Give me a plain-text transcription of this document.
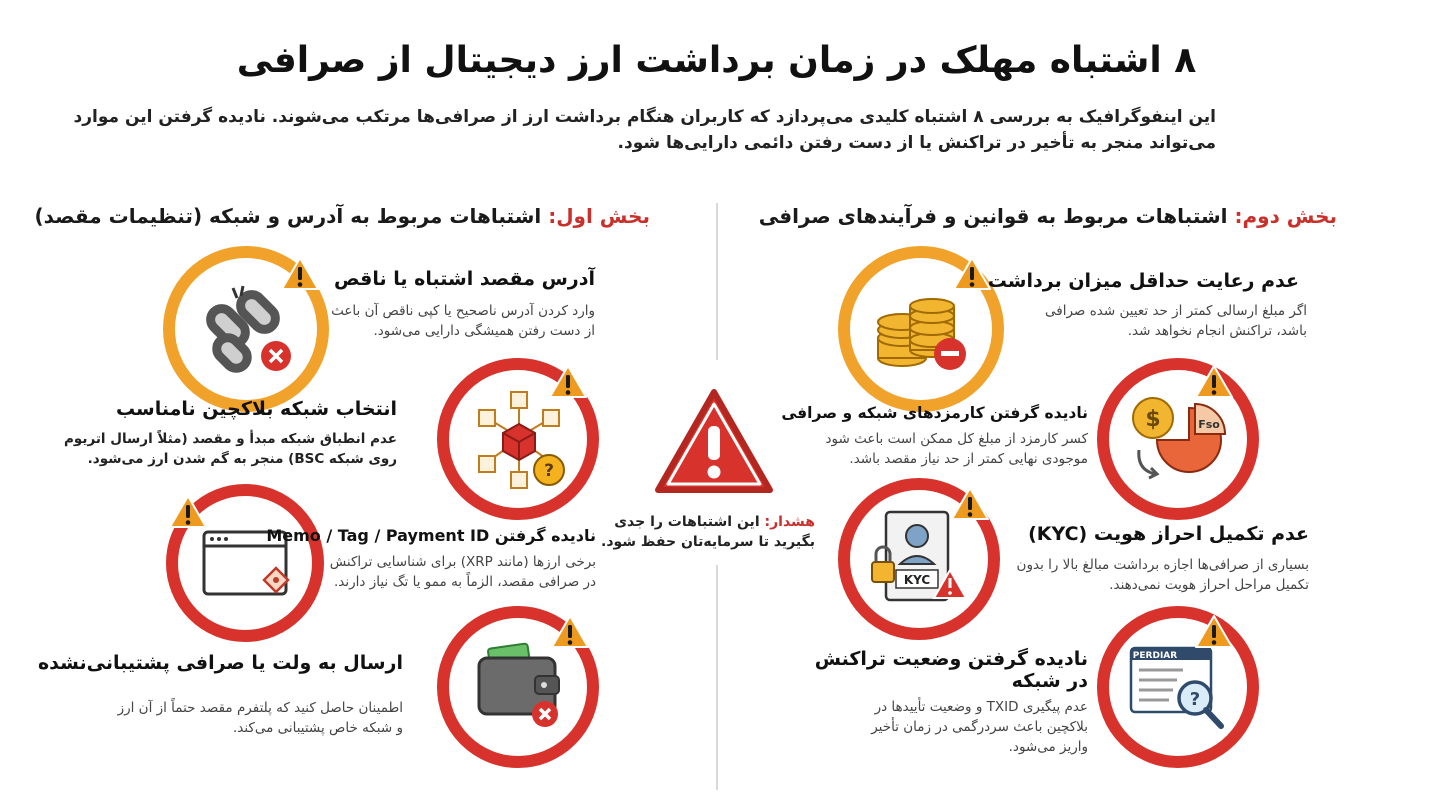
۸ اشتباه مهلک در زمان برداشت ارز دیجیتال از صرافی
این اینفوگرافیک به بررسی ۸ اشتباه کلیدی می‌پردازد که کاربران هنگام برداشت ارز از صرافی‌ها مرتکب می‌شوند. نادیده گرفتن این موارد
می‌تواند منجر به تأخیر در تراکنش یا از دست رفتن دائمی دارایی‌ها شود.
بخش اول: اشتباهات مربوط به آدرس و شبکه (تنظیمات مقصد)	بخش دوم: اشتباهات مربوط به قوانین و فرآیندهای صرافی
آدرس مقصد اشتباه یا ناقص
وارد کردن آدرس ناصحیح یا کپی ناقص آن باعث
از دست رفتن همیشگی دارایی می‌شود.
?
انتخاب شبکه بلاکچین نامناسب
عدم انطباق شبکه مبدأ و مقصد (مثلاً ارسال اتریوم
روی شبکه BSC) منجر به گم شدن ارز می‌شود.
نادیده گرفتن Memo / Tag / Payment ID
برخی ارزها (مانند XRP) برای شناسایی تراکنش
در صرافی مقصد، الزماً به ممو یا تگ نیاز دارند.
ارسال به ولت یا صرافی پشتیبانی‌نشده
اطمینان حاصل کنید که پلتفرم مقصد حتماً از آن ارز
و شبکه خاص پشتیبانی می‌کند.
هشدار: این اشتباهات را جدی
بگیرید تا سرمایه‌تان حفظ شود.
عدم رعایت حداقل میزان برداشت
اگر مبلغ ارسالی کمتر از حد تعیین شده صرافی
باشد، تراکنش انجام نخواهد شد.
$	Fso
نادیده گرفتن کارمزدهای شبکه و صرافی
کسر کارمزد از مبلغ کل ممکن است باعث شود
موجودی نهایی کمتر از حد نیاز مقصد باشد.
KYC
عدم تکمیل احراز هویت (KYC)
بسیاری از صرافی‌ها اجازه برداشت مبالغ بالا را بدون
تکمیل مراحل احراز هویت نمی‌دهند.
PERDIAR
?
نادیده گرفتن وضعیت تراکنش
در شبکه
عدم پیگیری TXID و وضعیت تأییدها در
بلاکچین باعث سردرگمی در زمان تأخیر
واریز می‌شود.
